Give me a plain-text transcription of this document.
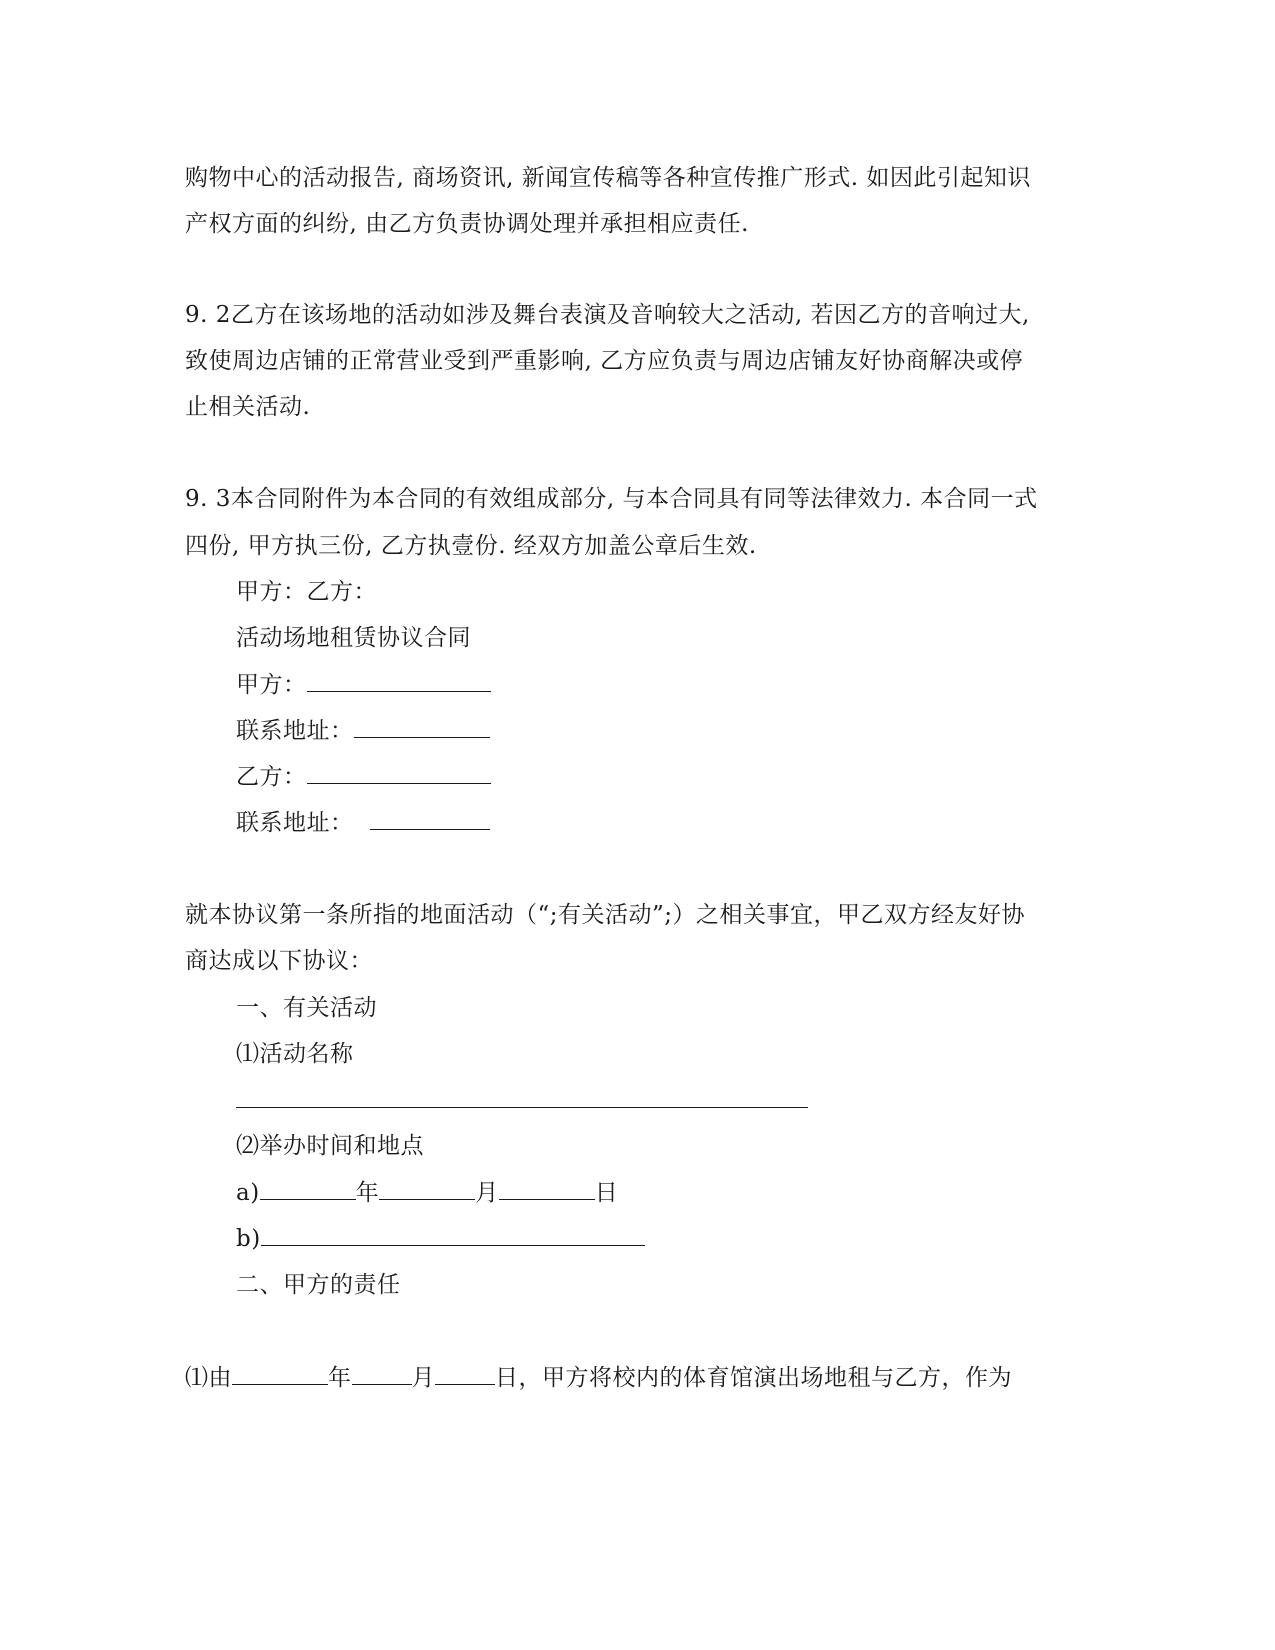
购物中心的活动报告, 商场资讯, 新闻宣传稿等各种宣传推广形式. 如因此引起知识
产权方面的纠纷, 由乙方负责协调处理并承担相应责任.
9. 2乙方在该场地的活动如涉及舞台表演及音响较大之活动, 若因乙方的音响过大,
致使周边店铺的正常营业受到严重影响, 乙方应负责与周边店铺友好协商解决或停
止相关活动.
9. 3本合同附件为本合同的有效组成部分, 与本合同具有同等法律效力. 本合同一式
四份, 甲方执三份, 乙方执壹份. 经双方加盖公章后生效.
甲方：乙方：
活动场地租赁协议合同
甲方：
联系地址：
乙方：
联系地址：
就本协议第一条所指的地面活动（“;有关活动”;）之相关事宜，甲乙双方经友好协
商达成以下协议：
一、有关活动
⑴活动名称
⑵举办时间和地点
a)	年	月	日
b)
二、甲方的责任
⑴由	年	月	日，甲方将校内的体育馆演出场地租与乙方，作为
